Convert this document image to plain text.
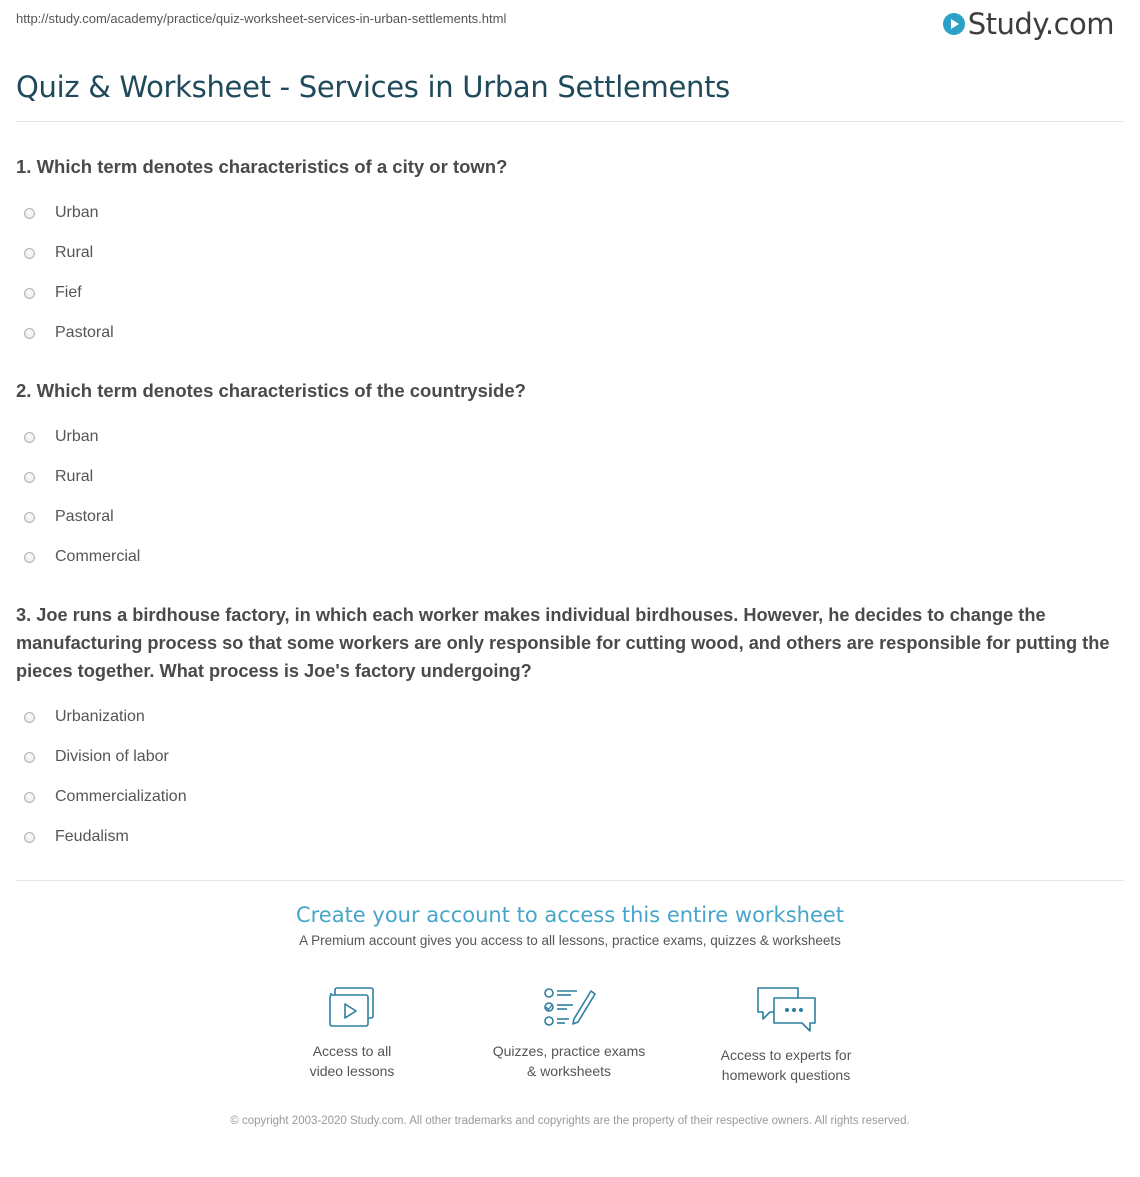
http://study.com/academy/practice/quiz-worksheet-services-in-urban-settlements.html	Study.com
Quiz & Worksheet - Services in Urban Settlements
1. Which term denotes characteristics of a city or town?
Urban
Rural
Fief
Pastoral
2. Which term denotes characteristics of the countryside?
Urban
Rural
Pastoral
Commercial
3. Joe runs a birdhouse factory, in which each worker makes individual birdhouses. However, he decides to change the manufacturing process so that some workers are only responsible for cutting wood, and others are responsible for putting the pieces together. What process is Joe's factory undergoing?
Urbanization
Division of labor
Commercialization
Feudalism
Create your account to access this entire worksheet
A Premium account gives you access to all lessons, practice exams, quizzes & worksheets
Access to all
video lessons
Quizzes, practice exams
& worksheets
Access to experts for
homework questions
© copyright 2003-2020 Study.com. All other trademarks and copyrights are the property of their respective owners. All rights reserved.
